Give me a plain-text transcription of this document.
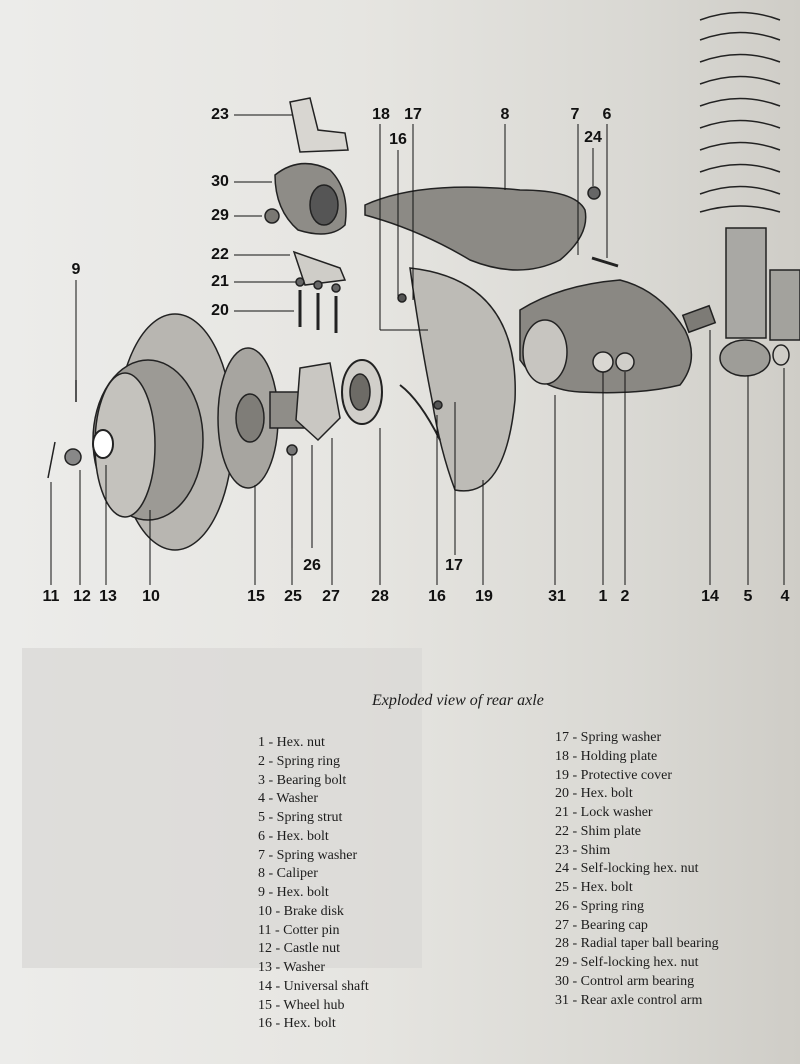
23
30
29
22
21
20
9
18 17
16
8	7 6
24
26	17
11 12 13 10	15 25 27 28 16 19	31 1 2	14 5 4
Exploded view of rear axle
1 - Hex. nut
2 - Spring ring
3 - Bearing bolt
4 - Washer
5 - Spring strut
6 - Hex. bolt
7 - Spring washer
8 - Caliper
9 - Hex. bolt
10 - Brake disk
11 - Cotter pin
12 - Castle nut
13 - Washer
14 - Universal shaft
15 - Wheel hub
16 - Hex. bolt
17 - Spring washer
18 - Holding plate
19 - Protective cover
20 - Hex. bolt
21 - Lock washer
22 - Shim plate
23 - Shim
24 - Self-locking hex. nut
25 - Hex. bolt
26 - Spring ring
27 - Bearing cap
28 - Radial taper ball bearing
29 - Self-locking hex. nut
30 - Control arm bearing
31 - Rear axle control arm
